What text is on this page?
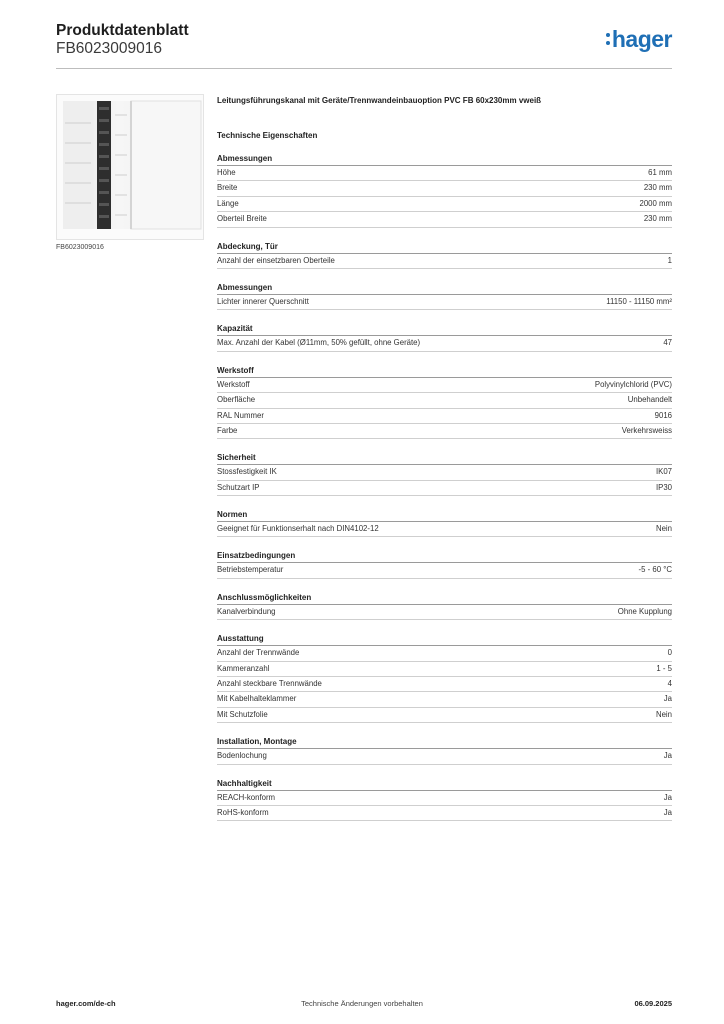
Produktdatenblatt
FB6023009016	hager
FB6023009016
Leitungsführungskanal mit Geräte/Trennwandeinbauoption PVC FB 60x230mm vweiß
Technische Eigenschaften
Abmessungen
Höhe	61 mm
Breite	230 mm
Länge	2000 mm
Oberteil Breite	230 mm
Abdeckung, Tür
Anzahl der einsetzbaren Oberteile	1
Abmessungen
Lichter innerer Querschnitt	11150 - 11150 mm²
Kapazität
Max. Anzahl der Kabel (Ø11mm, 50% gefüllt, ohne Geräte)	47
Werkstoff
Werkstoff	Polyvinylchlorid (PVC)
Oberfläche	Unbehandelt
RAL Nummer	9016
Farbe	Verkehrsweiss
Sicherheit
Stossfestigkeit IK	IK07
Schutzart IP	IP30
Normen
Geeignet für Funktionserhalt nach DIN4102-12	Nein
Einsatzbedingungen
Betriebstemperatur	-5 - 60 °C
Anschlussmöglichkeiten
Kanalverbindung	Ohne Kupplung
Ausstattung
Anzahl der Trennwände	0
Kammeranzahl	1 - 5
Anzahl steckbare Trennwände	4
Mit Kabelhalteklammer	Ja
Mit Schutzfolie	Nein
Installation, Montage
Bodenlochung	Ja
Nachhaltigkeit
REACH-konform	Ja
RoHS-konform	Ja
hager.com/de-ch	Technische Änderungen vorbehalten	06.09.2025
